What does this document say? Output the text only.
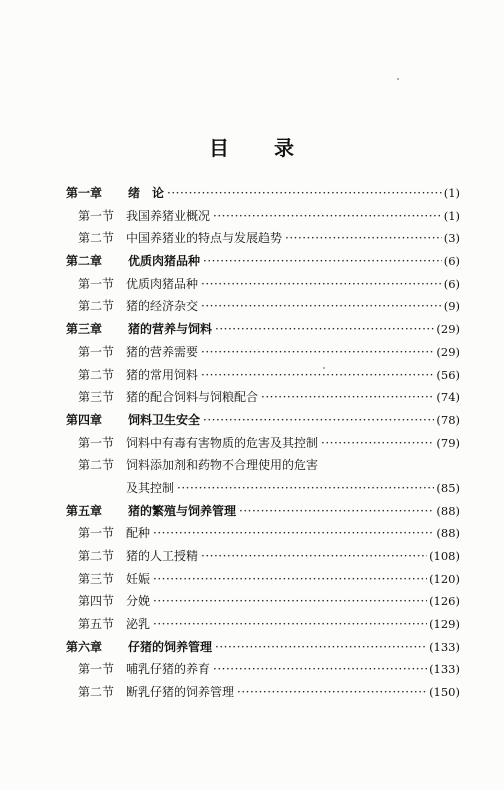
目 录
第一章	绪　论 ·····	(1)
第一节 我国养猪业概况 ·····	(1)
第二节 中国养猪业的特点与发展趋势 ·····	(3)
第二章	优质肉猪品种 ·····	(6)
第一节 优质肉猪品种 ·····	(6)
第二节 猪的经济杂交 ·····	(9)
第三章	猪的营养与饲料 ·····	(29)
第一节 猪的营养需要 ·····	(29)
第二节 猪的常用饲料 ·····	(56)
第三节 猪的配合饲料与饲粮配合 ·····	(74)
第四章	饲料卫生安全 ·····	(78)
第一节 饲料中有毒有害物质的危害及其控制 ·····	(79)
第二节 饲料添加剂和药物不合理使用的危害
及其控制 ·····	(85)
第五章	猪的繁殖与饲养管理 ·····	(88)
第一节 配种 ·····	(88)
第二节 猪的人工授精 ·····	(108)
第三节 妊娠 ·····	(120)
第四节 分娩 ·····	(126)
第五节 泌乳 ·····	(129)
第六章	仔猪的饲养管理 ·····	(133)
第一节 哺乳仔猪的养育 ·····	(133)
第二节 断乳仔猪的饲养管理 ·····	(150)
